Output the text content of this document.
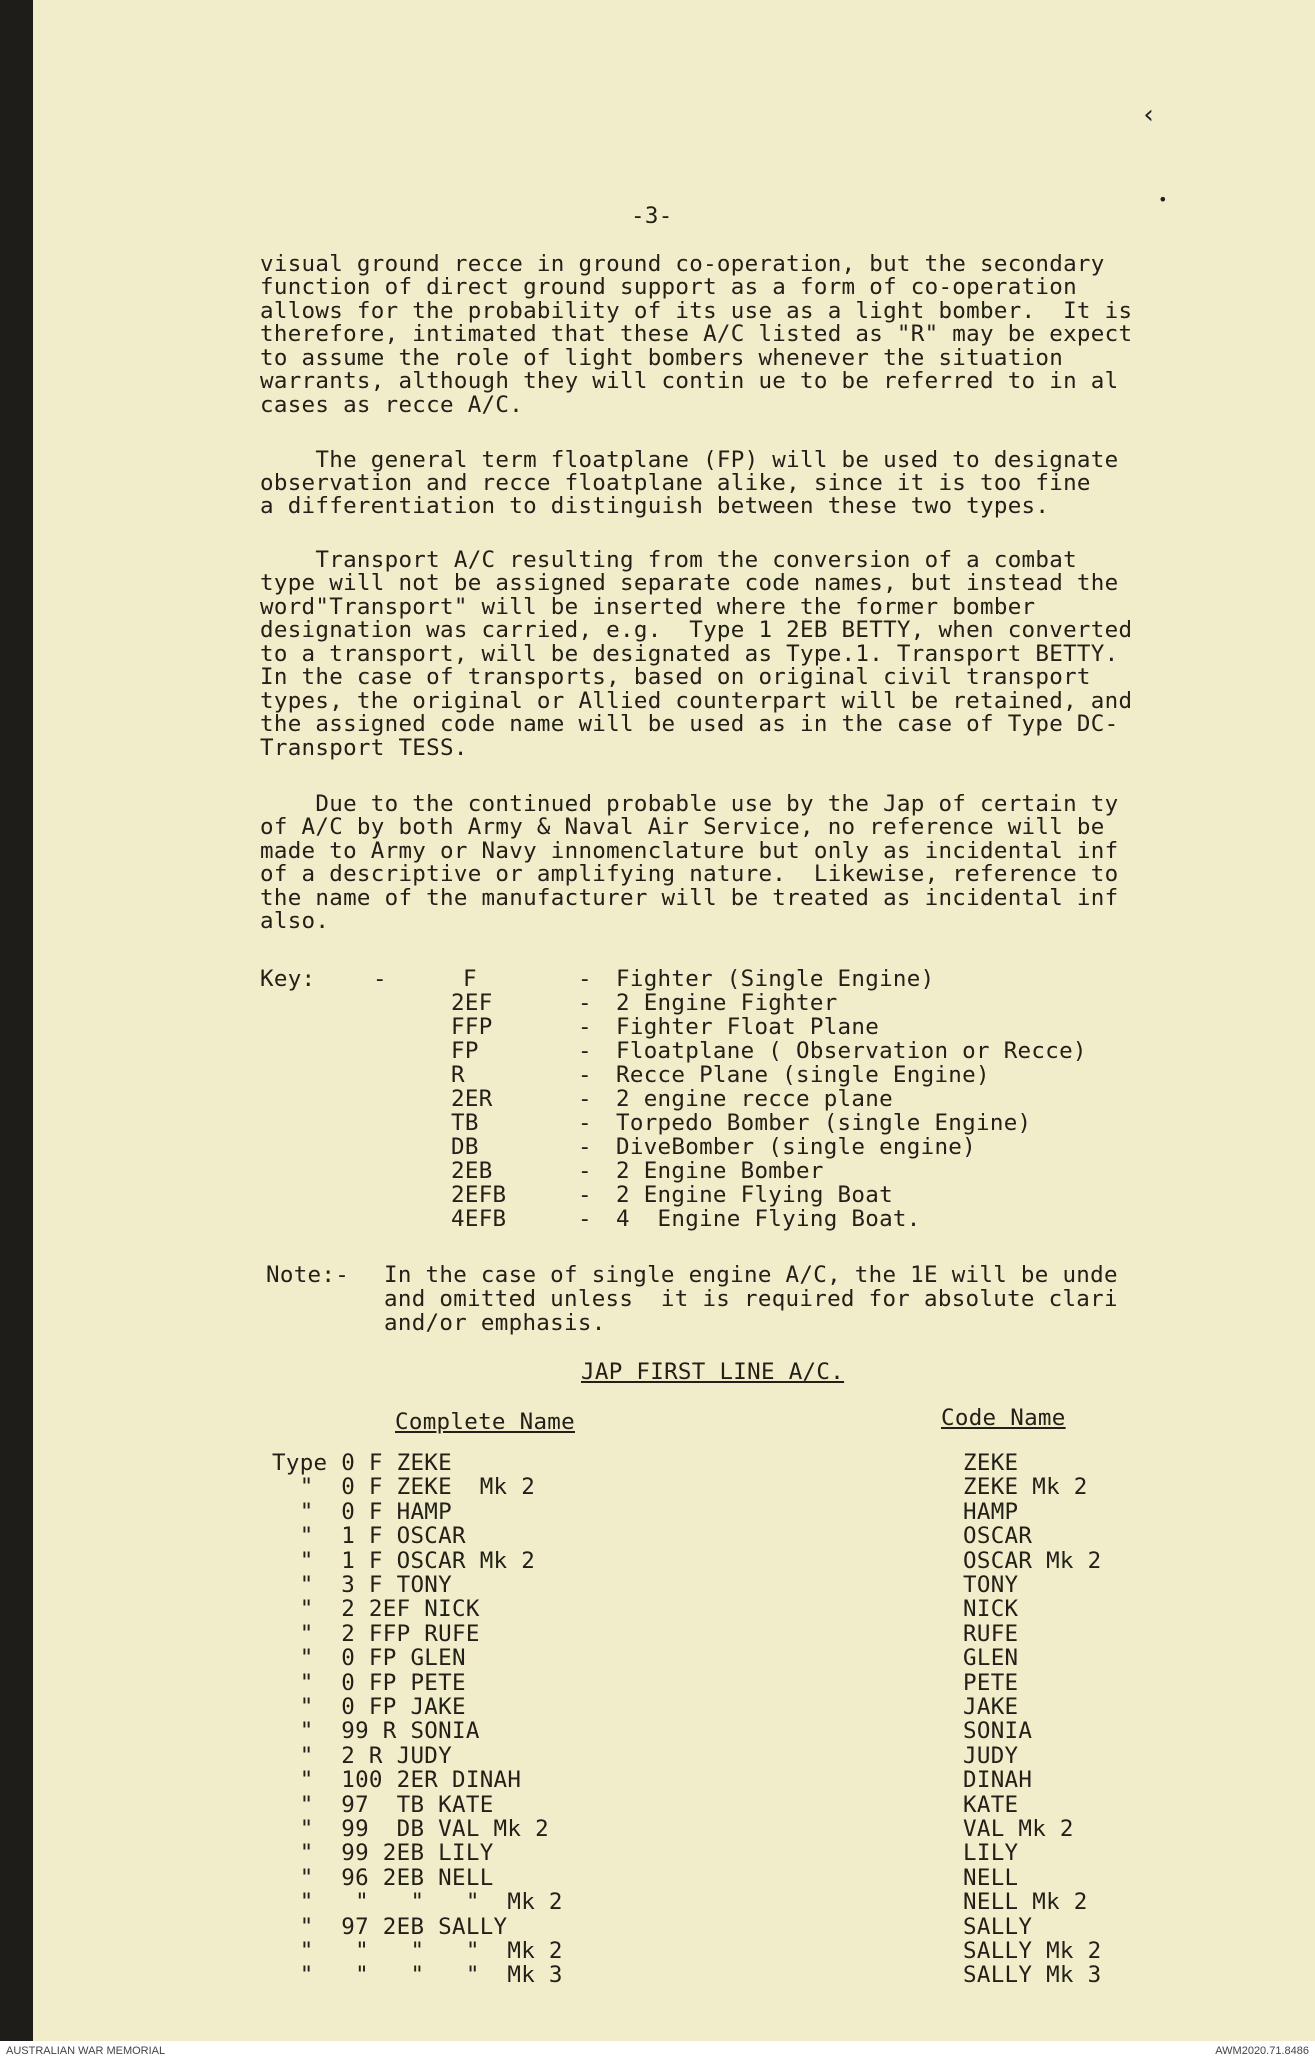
-3-
visual ground recce in ground co-operation, but the secondary
function of direct ground support as a form of co-operation
allows for the probability of its use as a light bomber.  It is
therefore, intimated that these A/C listed as "R" may be expect
to assume the role of light bombers whenever the situation
warrants, although they will contin ue to be referred to in al
cases as recce A/C.
The general term floatplane (FP) will be used to designate
observation and recce floatplane alike, since it is too fine
a differentiation to distinguish between these two types.
Transport A/C resulting from the conversion of a combat
type will not be assigned separate code names, but instead the
word"Transport" will be inserted where the former bomber
designation was carried, e.g.  Type 1 2EB BETTY, when converted
to a transport, will be designated as Type.1. Transport BETTY.
In the case of transports, based on original civil transport
types, the original or Allied counterpart will be retained, and
the assigned code name will be used as in the case of Type DC-
Transport TESS.
Due to the continued probable use by the Jap of certain ty
of A/C by both Army & Naval Air Service, no reference will be
made to Army or Navy innomenclature but only as incidental inf
of a descriptive or amplifying nature.  Likewise, reference to
the name of the manufacturer will be treated as incidental inf
also.
Key:	-	F	- Fighter (Single Engine)
2EF	- 2 Engine Fighter
FFP	- Fighter Float Plane
FP	- Floatplane ( Observation or Recce)
R	- Recce Plane (single Engine)
2ER	- 2 engine recce plane
TB	- Torpedo Bomber (single Engine)
DB	- DiveBomber (single engine)
2EB	- 2 Engine Bomber
2EFB	- 2 Engine Flying Boat
4EFB	- 4  Engine Flying Boat.
Note:- In the case of single engine A/C, the 1E will be unde
and omitted unless  it is required for absolute clari
and/or emphasis.
JAP FIRST LINE A/C.
Complete Name	Code Name
Type 0 F ZEKE	ZEKE
"  0 F ZEKE  Mk 2	ZEKE Mk 2
"  0 F HAMP	HAMP
"  1 F OSCAR	OSCAR
"  1 F OSCAR Mk 2	OSCAR Mk 2
"  3 F TONY	TONY
"  2 2EF NICK	NICK
"  2 FFP RUFE	RUFE
"  0 FP GLEN	GLEN
"  0 FP PETE	PETE
"  0 FP JAKE	JAKE
"  99 R SONIA	SONIA
"  2 R JUDY	JUDY
"  100 2ER DINAH	DINAH
"  97  TB KATE	KATE
"  99  DB VAL Mk 2	VAL Mk 2
"  99 2EB LILY	LILY
"  96 2EB NELL	NELL
"   "   "   "  Mk 2	NELL Mk 2
"  97 2EB SALLY	SALLY
"   "   "   "  Mk 2	SALLY Mk 2
"   "   "   "  Mk 3	SALLY Mk 3
‹
•
AUSTRALIAN WAR MEMORIAL	AWM2020.71.8486
